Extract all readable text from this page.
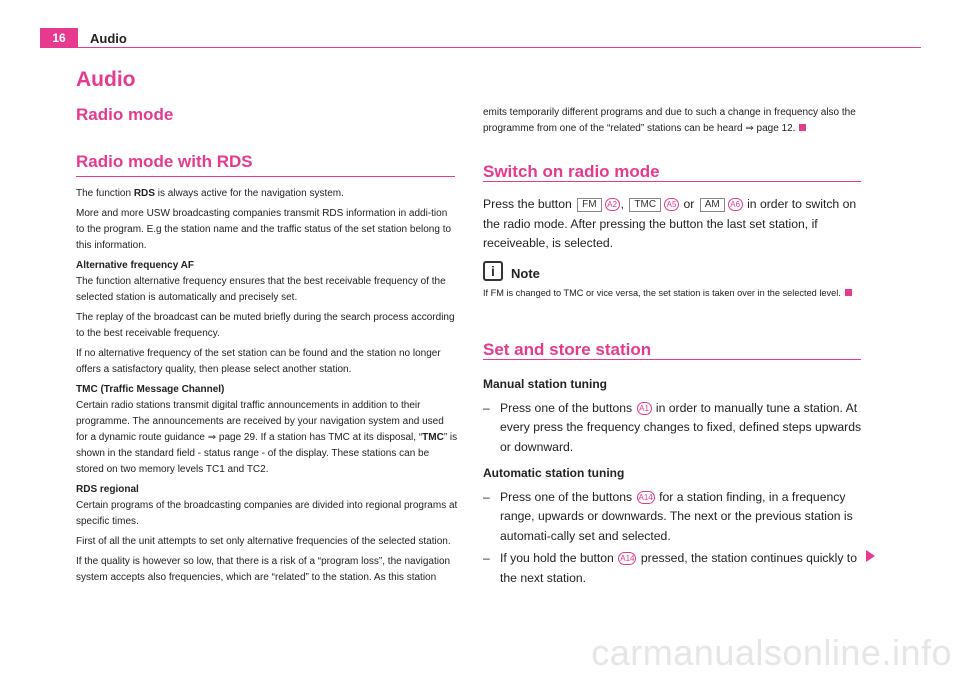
16	Audio
Audio
Radio mode
Radio mode with RDS

The function RDS is always active for the navigation system.

More and more USW broadcasting companies transmit RDS information in addi-tion to the program. E.g the station name and the traffic status of the set station belong to this information.

Alternative frequency AF

The function alternative frequency ensures that the best receivable frequency of the selected station is automatically and precisely set.

The replay of the broadcast can be muted briefly during the search process according to the best receivable frequency.

If no alternative frequency of the set station can be found and the station no longer offers a satisfactory quality, then please select another station.

TMC (Traffic Message Channel)

Certain radio stations transmit digital traffic announcements in addition to their programme. The announcements are received by your navigation system and used for a dynamic route guidance ⇒ page 29. If a station has TMC at its disposal, “TMC” is shown in the standard field - status range - of the display. These stations can be stored on two memory levels TC1 and TC2.

RDS regional

Certain programs of the broadcasting companies are divided into regional programs at specific times.

First of all the unit attempts to set only alternative frequencies of the selected station.

If the quality is however so low, that there is a risk of a “program loss”, the navigation system accepts also frequencies, which are “related” to the station. As this station

emits temporarily different programs and due to such a change in frequency also the programme from one of the “related” stations can be heard ⇒ page 12.

Switch on radio mode

Press the button FM A2 , TMC A5 or AM A6 in order to switch on the radio mode. After pressing the button the last set station, if receiveable, is selected.

i	Note
If FM is changed to TMC or vice versa, the set station is taken over in the selected level.
Set and store station

Manual station tuning

– Press one of the buttons A1 in order to manually tune a station. At every press the frequency changes to fixed, defined steps upwards or downward.

Automatic station tuning

– Press one of the buttons A14 for a station finding, in a frequency range, upwards or downwards. The next or the previous station is automati-cally set and selected.
– If you hold the button A14 pressed, the station continues quickly to the next station.
carmanualsonline.info
